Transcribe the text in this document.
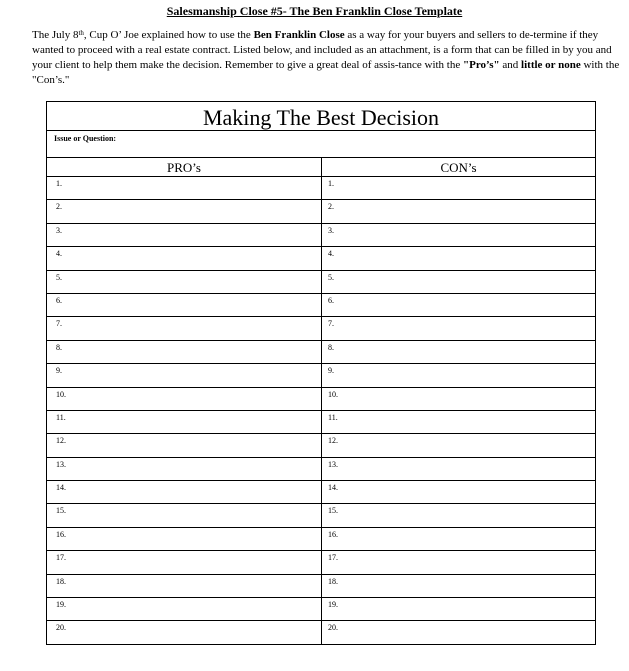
Salesmanship Close #5- The Ben Franklin Close Template

The July 8th, Cup O’ Joe explained how to use the Ben Franklin Close as a way for your buyers and sellers to de-termine if they wanted to proceed with a real estate contract. Listed below, and included as an attachment, is a form that can be filled in by you and your client to help them make the decision. Remember to give a great deal of assis-tance with the "Pro’s" and little or none with the "Con’s."

Making The Best Decision
Issue or Question:
PRO’s	CON’s
1.	1.
2.	2.
3.	3.
4.	4.
5.	5.
6.	6.
7.	7.
8.	8.
9.	9.
10.	10.
11.	11.
12.	12.
13.	13.
14.	14.
15.	15.
16.	16.
17.	17.
18.	18.
19.	19.
20.	20.
